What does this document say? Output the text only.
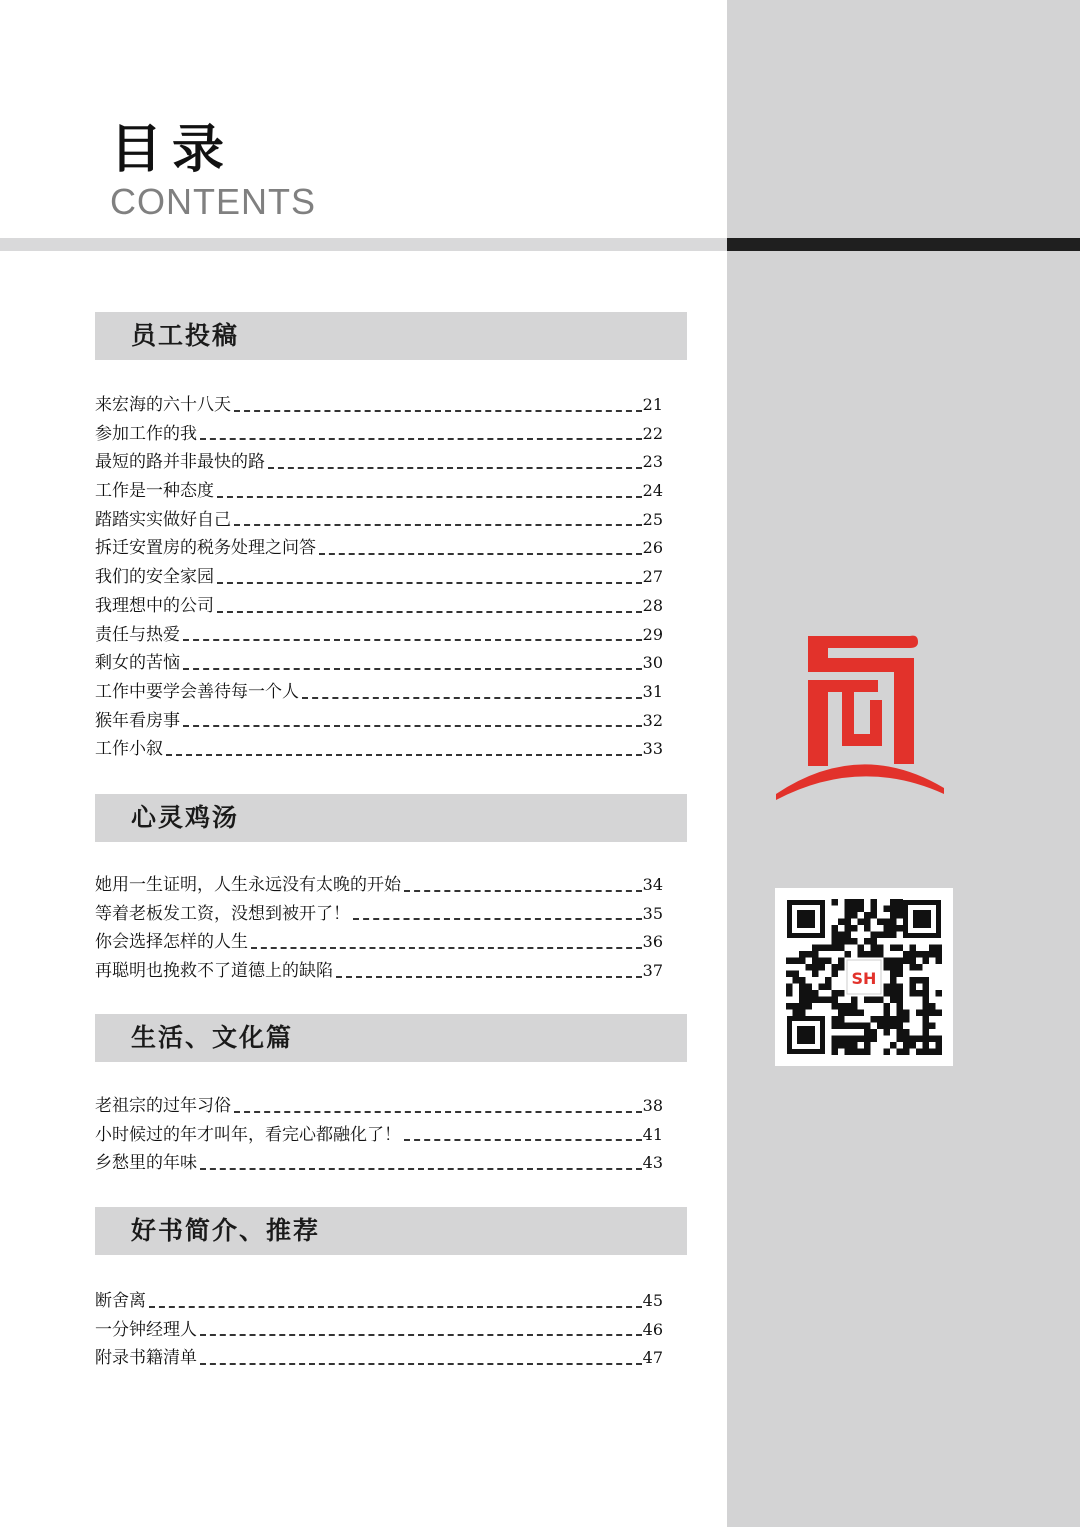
目录
CONTENTS
员工投稿
来宏海的六十八天	21
参加工作的我	22
最短的路并非最快的路	23
工作是一种态度	24
踏踏实实做好自己	25
拆迁安置房的税务处理之问答	26
我们的安全家园	27
我理想中的公司	28
责任与热爱	29
剩女的苦恼	30
工作中要学会善待每一个人	31
猴年看房事	32
工作小叙	33
心灵鸡汤
她用一生证明，人生永远没有太晚的开始	34
等着老板发工资，没想到被开了！	35
你会选择怎样的人生	36
再聪明也挽救不了道德上的缺陷	37
生活、文化篇
老祖宗的过年习俗	38
小时候过的年才叫年，看完心都融化了！	41
乡愁里的年味	43
好书简介、推荐
断舍离	45
一分钟经理人	46
附录书籍清单	47
SH
